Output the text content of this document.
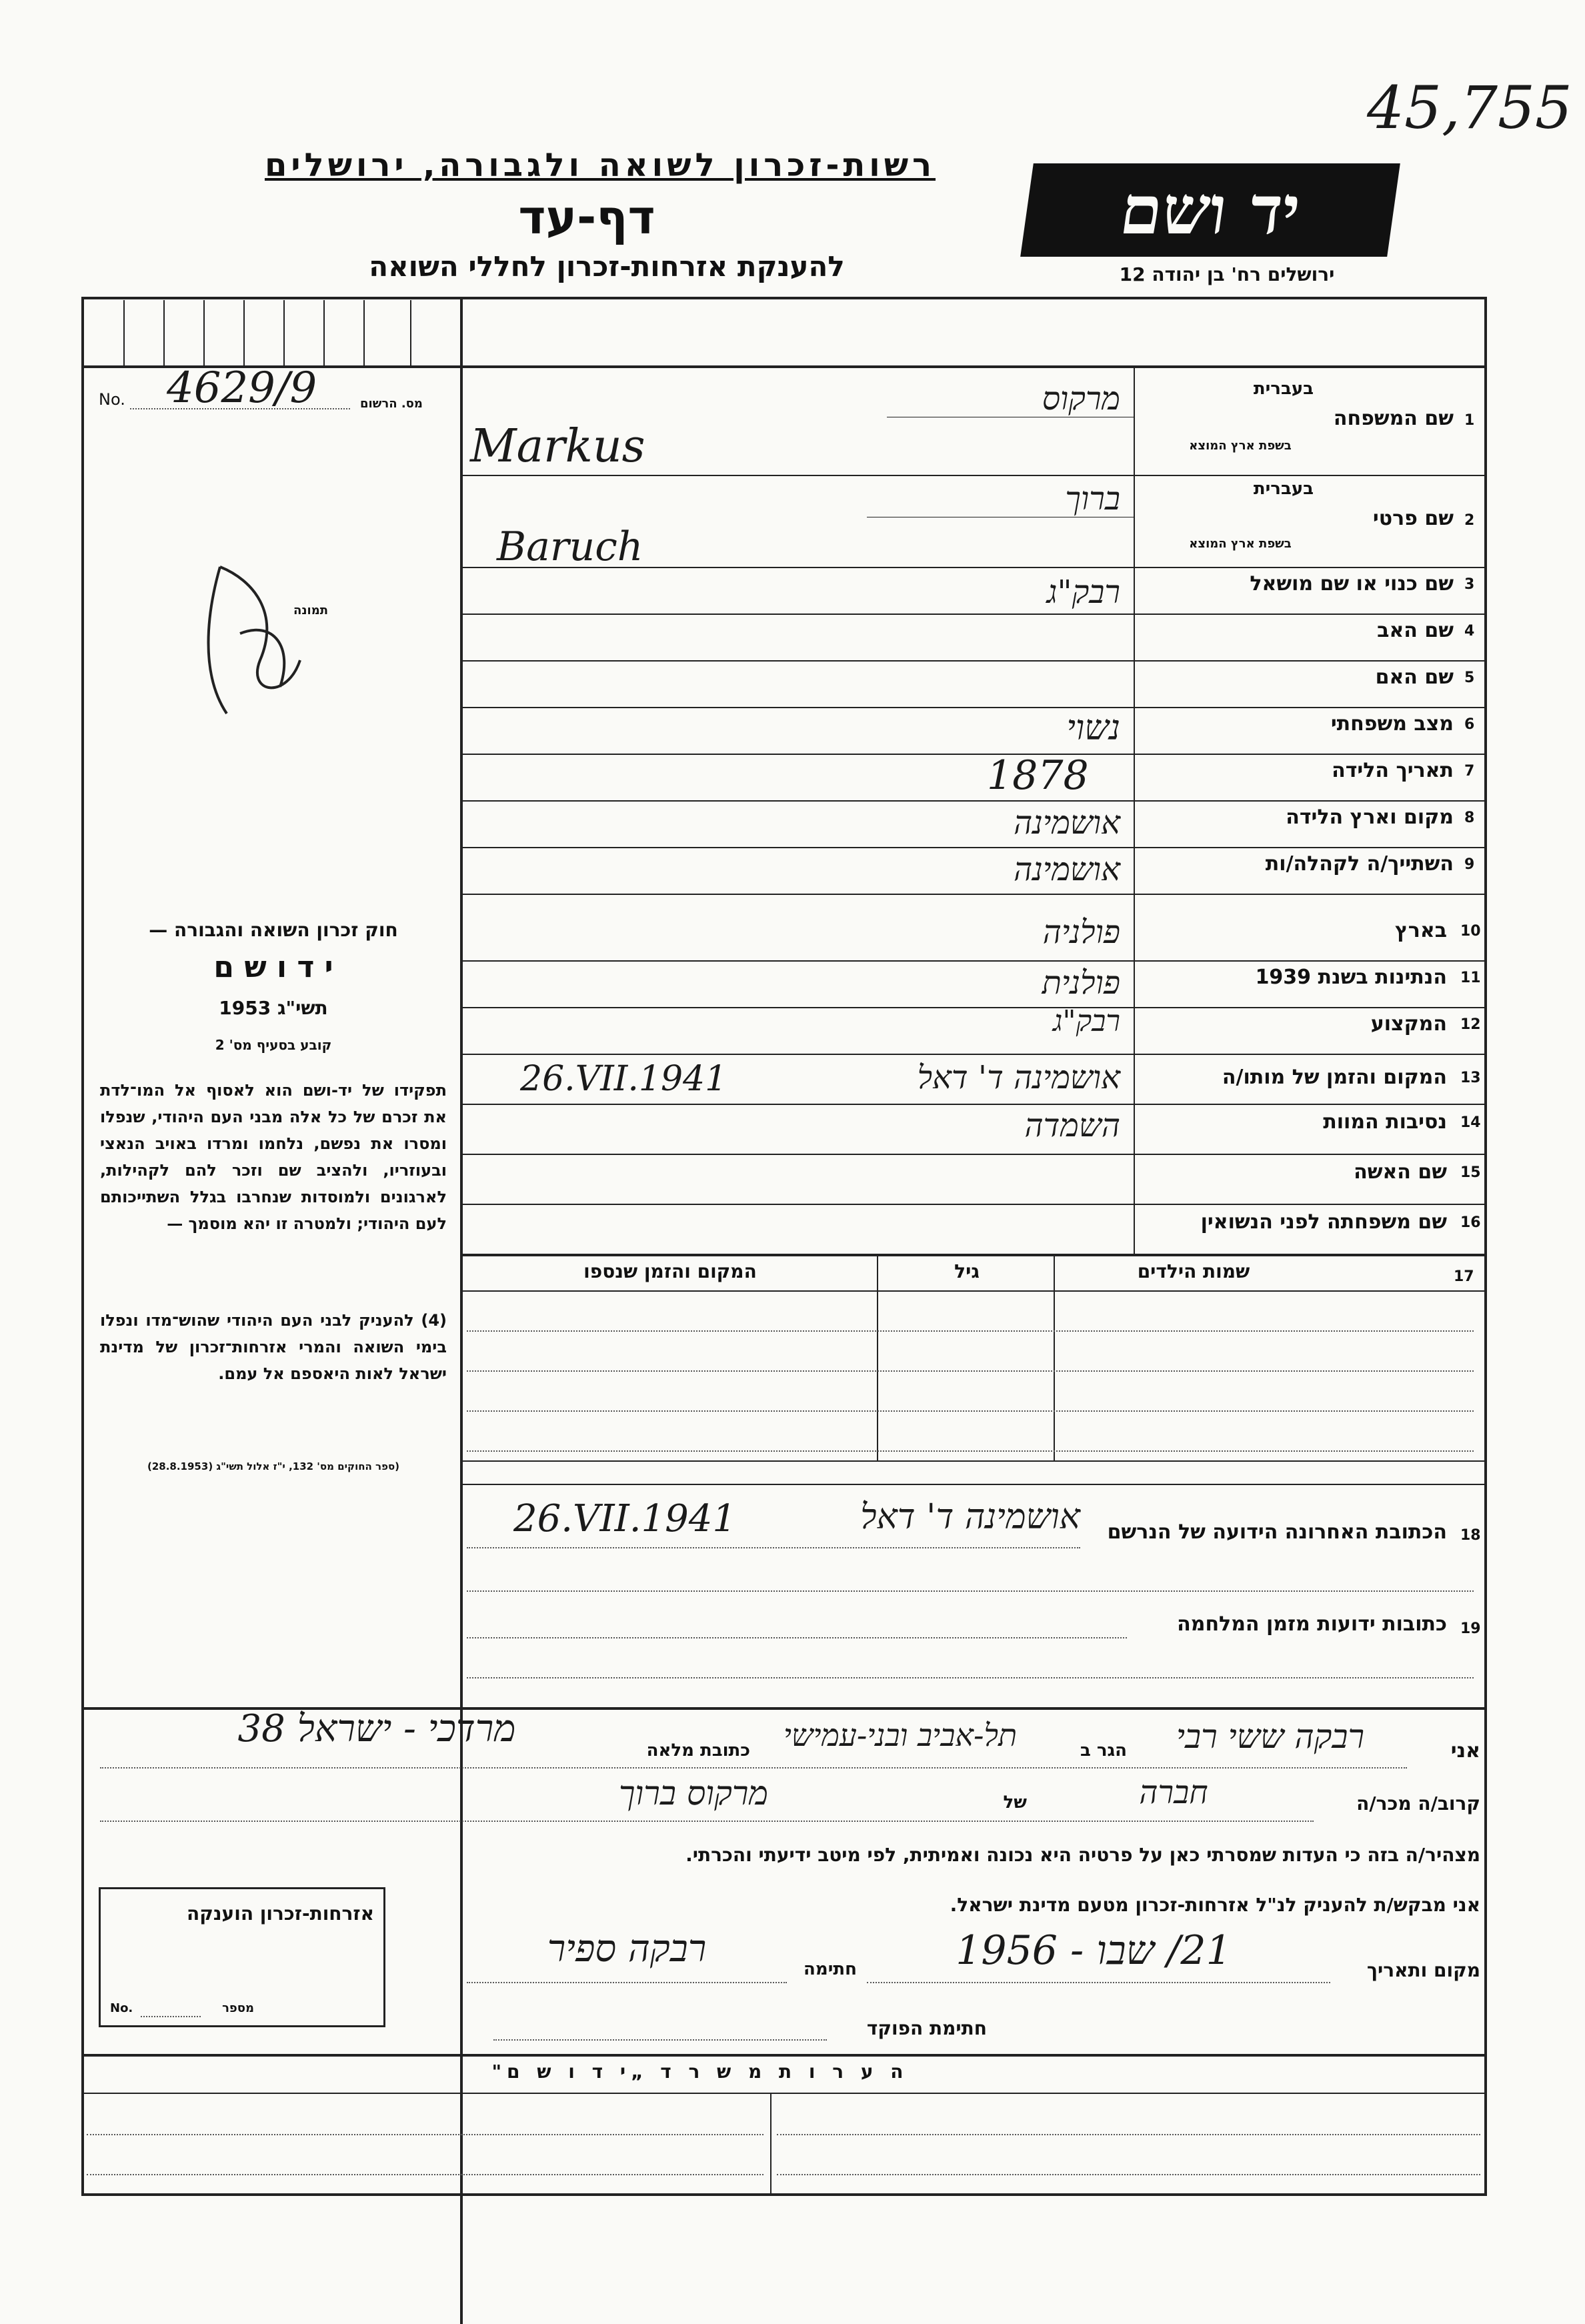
45,755
רשות-זכרון לשואה ולגבורה, ירושלים
דף-עד
להענקת אזרחות-זכרון לחללי השואה
יד ושם
ירושלים רח' בן יהודה 12
No. 4629/9	מס. הרשום
תמונה
חוק זכרון השואה והגבורה —
י ד ו ש ם
תשי"ג 1953
קובע בסעיף מס' 2
תפקידו של יד-ושם הוא לאסוף אל המו־לדת את זכרם של כל אלה מבני העם היהודי, שנפלו ומסרו את נפשם, נלחמו ומרדו באויב הנאצי ובעוזריו, ולהציב שם וזכר להם לקהילות, לארגונים ולמוסדות שנחרבו בגלל השתייכותם לעם היהודי; ולמטרה זו יהא מוסמך —
(4) להעניק לבני העם היהודי שהוש־מדו ונפלו בימי השואה והמרי אזרחות־זכרון של מדינת ישראל לאות היאספם אל עמם.
(ספר החוקים מס' 132, י"ז אלול תשי"ג (28.8.1953)
שם המשפחה 1
בעברית
בשפת ארץ המוצא
מרקוס
Markus
שם פרטי 2
בעברית
בשפת ארץ המוצא
ברוך
Baruch
שם כנוי או שם מושאל 3
רבק"ג
שם האב 4
שם האם 5
מצב משפחתי 6
נשוי
תאריך הלידה 7
1878
מקום וארץ הלידה 8
אושמינה
השתייך/ה לקהלה/ות 9
אושמינה
בארץ 10
פולניה
הנתינות בשנת 1939 11
פולנית
המקצוע 12
רבק"ג
המקום והזמן של מותו/ה 13
אושמינה ד' דאל
26.VII.1941
נסיבות המוות 14
השמדה
שם האשה 15
שם משפחתה לפני הנשואין 16
17
שמות הילדים
גיל
המקום והזמן שנספו
18
הכתובת האחרונה הידועה של הנרשם
אושמינה ד' דאל
26.VII.1941
19
כתובות ידועות מזמן המלחמה
אני
רבקה ששי רבי
הגר ב
תל-אביב ובני-עמישי
כתובת מלאה
מרדכי - ישראל 38
קרוב/ה מכר/ה
חברה
של
מרקוס ברוך
מצהיר/ה בזה כי העדות שמסרתי כאן על פרטיה היא נכונה ואמיתית, לפי מיטב ידיעתי והכרתי.
אני מבקש/ת להעניק לנ"ל אזרחות-זכרון מטעם מדינת ישראל.
מקום ותאריך
21/ שבו - 1956
חתימה
רבקה ספיר
חתימת הפוקד
אזרחות-זכרון הוענקה
No.	מספר
ה ע ר ו ת מ ש ר ד „י ד ו ש ם"
